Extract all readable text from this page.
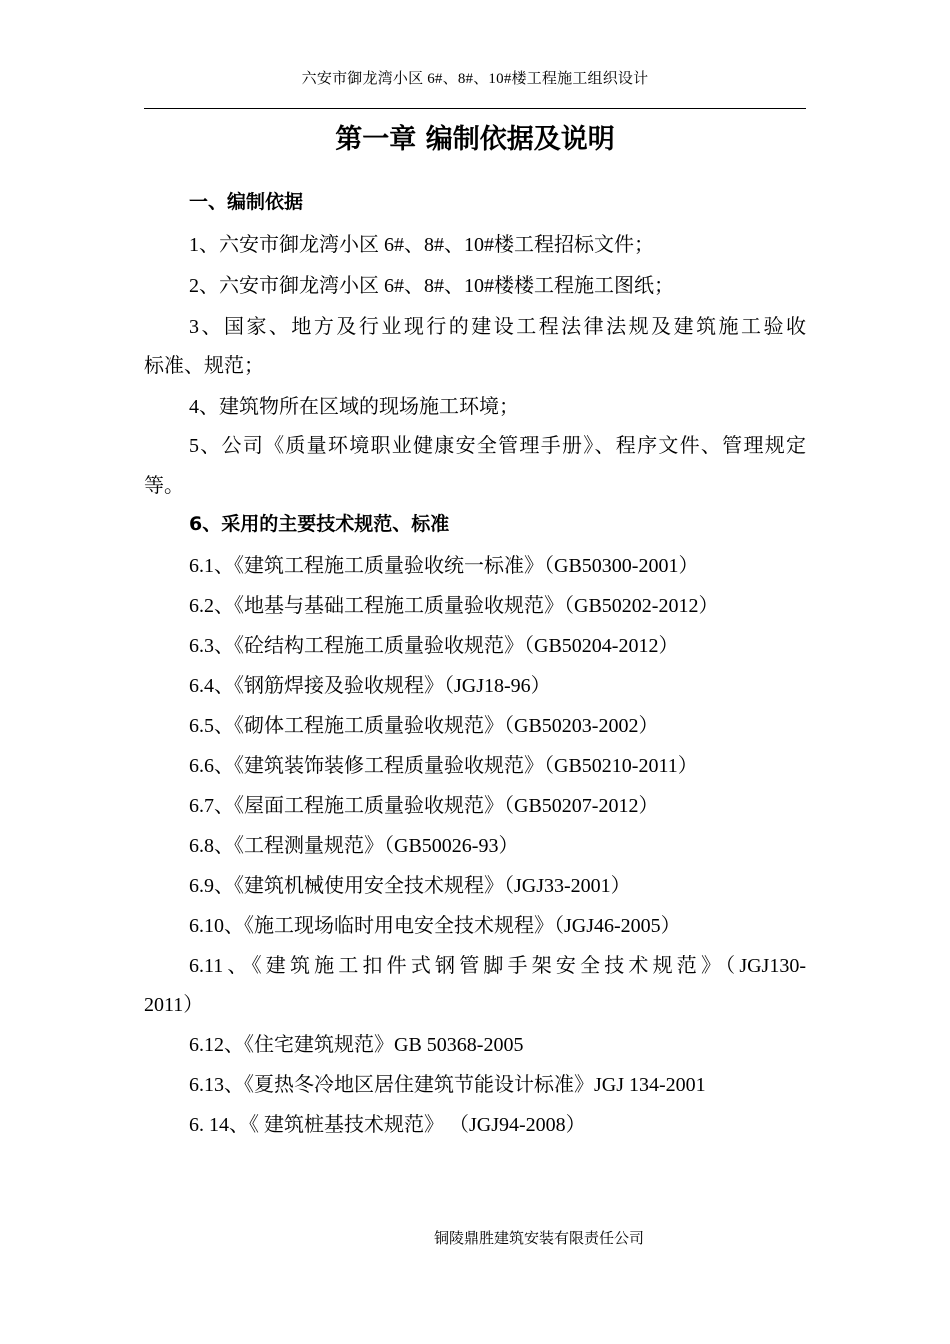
六安市御龙湾小区 6#、8#、10#楼工程施工组织设计
第一章 编制依据及说明
一、编制依据
1、六安市御龙湾小区 6#、8#、10#楼工程招标文件；
2、六安市御龙湾小区 6#、8#、10#楼楼工程施工图纸；
3、国家、地方及行业现行的建设工程法律法规及建筑施工验收
标准、规范；
4、建筑物所在区域的现场施工环境；
5、公司《质量环境职业健康安全管理手册》、程序文件、管理规定
等。
6、采用的主要技术规范、标准
6.1、《建筑工程施工质量验收统一标准》（GB50300-2001）
6.2、《地基与基础工程施工质量验收规范》（GB50202-2012）
6.3、《砼结构工程施工质量验收规范》（GB50204-2012）
6.4、《钢筋焊接及验收规程》（JGJ18-96）
6.5、《砌体工程施工质量验收规范》（GB50203-2002）
6.6、《建筑装饰装修工程质量验收规范》（GB50210-2011）
6.7、《屋面工程施工质量验收规范》（GB50207-2012）
6.8、《工程测量规范》（GB50026-93）
6.9、《建筑机械使用安全技术规程》（JGJ33-2001）
6.10、《施工现场临时用电安全技术规程》（JGJ46-2005）
6.11、《建筑施工扣件式钢管脚手架安全技术规范》（JGJ130-
2011）
6.12、《住宅建筑规范》GB 50368-2005
6.13、《夏热冬冷地区居住建筑节能设计标准》JGJ 134-2001
6. 14、《 建筑桩基技术规范》 （JGJ94-2008）
铜陵鼎胜建筑安装有限责任公司
